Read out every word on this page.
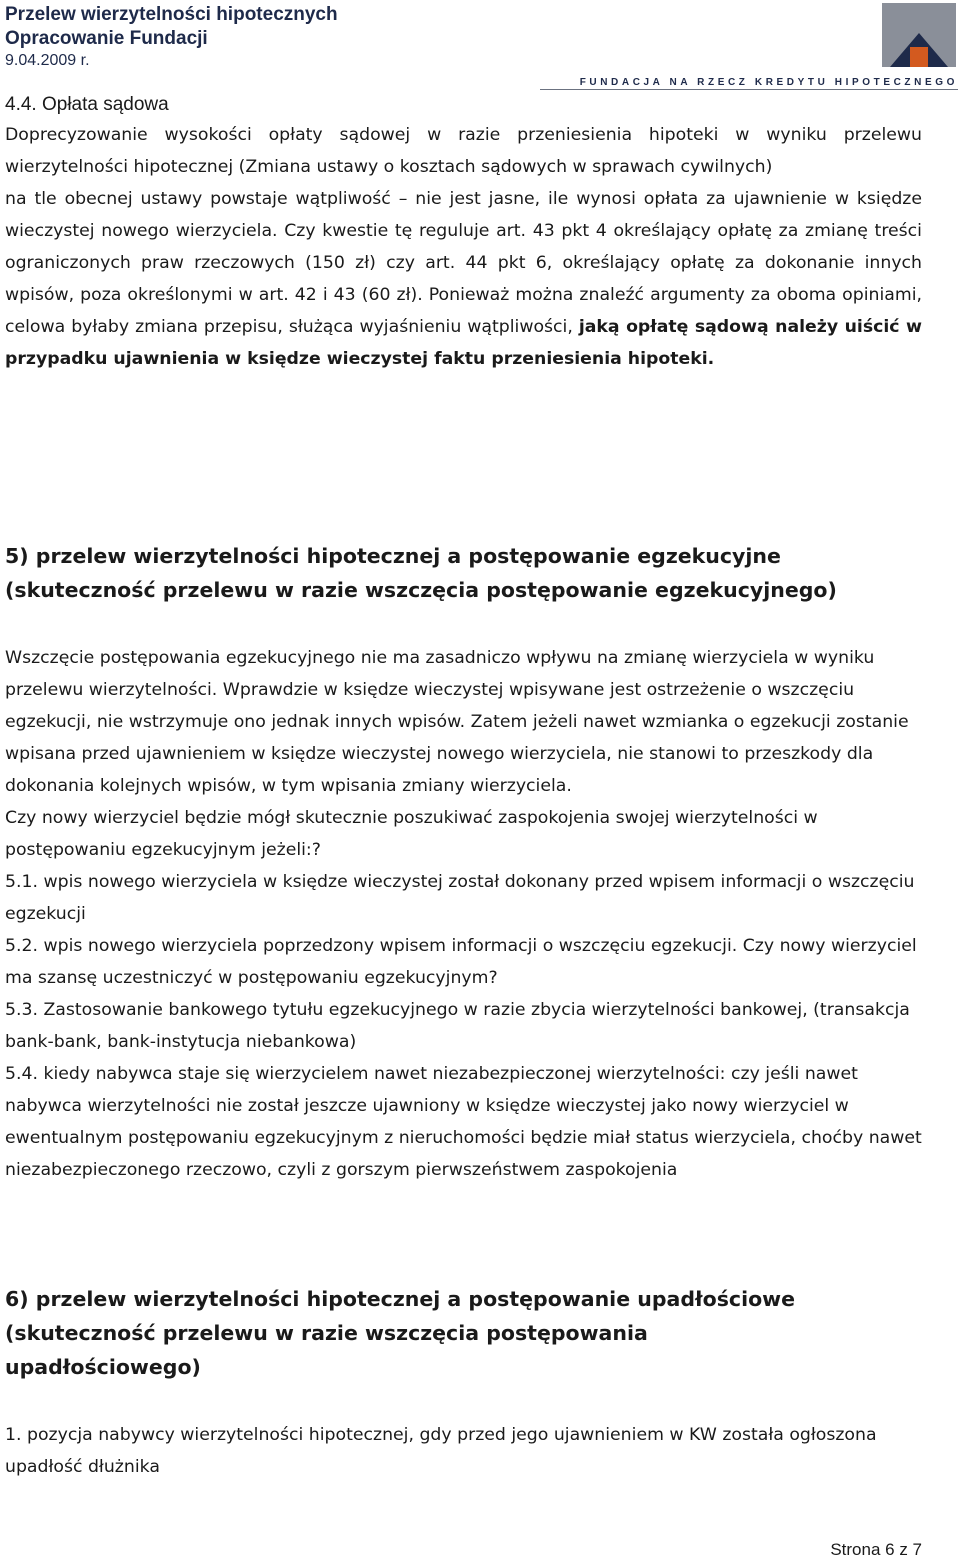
Przelew wierzytelności hipotecznych
Opracowanie Fundacji
9.04.2009 r.
FUNDACJA NA RZECZ KREDYTU HIPOTECZNEGO
4.4. Opłata sądowa

Doprecyzowanie wysokości opłaty sądowej w razie przeniesienia hipoteki w wyniku przelewu wierzytelności hipotecznej (Zmiana ustawy o kosztach sądowych w sprawach cywilnych)

na tle obecnej ustawy powstaje wątpliwość – nie jest jasne, ile wynosi opłata za ujawnienie w księdze wieczystej nowego wierzyciela. Czy kwestie tę reguluje art. 43 pkt 4 określający opłatę za zmianę treści ograniczonych praw rzeczowych (150 zł) czy art. 44 pkt 6, określający opłatę za dokonanie innych wpisów, poza określonymi w art. 42 i 43 (60 zł). Ponieważ można znaleźć argumenty za oboma opiniami, celowa byłaby zmiana przepisu, służąca wyjaśnieniu wątpliwości, jaką opłatę sądową należy uiścić w przypadku ujawnienia w księdze wieczystej faktu przeniesienia hipoteki.

5) przelew wierzytelności hipotecznej a postępowanie egzekucyjne
(skuteczność przelewu w razie wszczęcia postępowanie egzekucyjnego)

Wszczęcie postępowania egzekucyjnego nie ma zasadniczo wpływu na zmianę wierzyciela w wyniku przelewu wierzytelności. Wprawdzie w księdze wieczystej wpisywane jest ostrzeżenie o wszczęciu egzekucji, nie wstrzymuje ono jednak innych wpisów. Zatem jeżeli nawet wzmianka o egzekucji zostanie wpisana przed ujawnieniem w księdze wieczystej nowego wierzyciela, nie stanowi to przeszkody dla dokonania kolejnych wpisów, w tym wpisania zmiany wierzyciela.

Czy nowy wierzyciel będzie mógł skutecznie poszukiwać zaspokojenia swojej wierzytelności w postępowaniu egzekucyjnym jeżeli:?

5.1. wpis nowego wierzyciela w księdze wieczystej został dokonany przed wpisem informacji o wszczęciu egzekucji

5.2. wpis nowego wierzyciela poprzedzony wpisem informacji o wszczęciu egzekucji. Czy nowy wierzyciel ma szansę uczestniczyć w postępowaniu egzekucyjnym?

5.3. Zastosowanie bankowego tytułu egzekucyjnego w razie zbycia wierzytelności bankowej, (transakcja bank-bank, bank-instytucja niebankowa)

5.4. kiedy nabywca staje się wierzycielem nawet niezabezpieczonej wierzytelności: czy jeśli nawet nabywca wierzytelności nie został jeszcze ujawniony w księdze wieczystej jako nowy wierzyciel w ewentualnym postępowaniu egzekucyjnym z nieruchomości będzie miał status wierzyciela, choćby nawet niezabezpieczonego rzeczowo, czyli z gorszym pierwszeństwem zaspokojenia

6) przelew wierzytelności hipotecznej a postępowanie upadłościowe
(skuteczność przelewu w razie wszczęcia postępowania
upadłościowego)

1. pozycja nabywcy wierzytelności hipotecznej, gdy przed jego ujawnieniem w KW została ogłoszona upadłość dłużnika

Strona 6 z 7
